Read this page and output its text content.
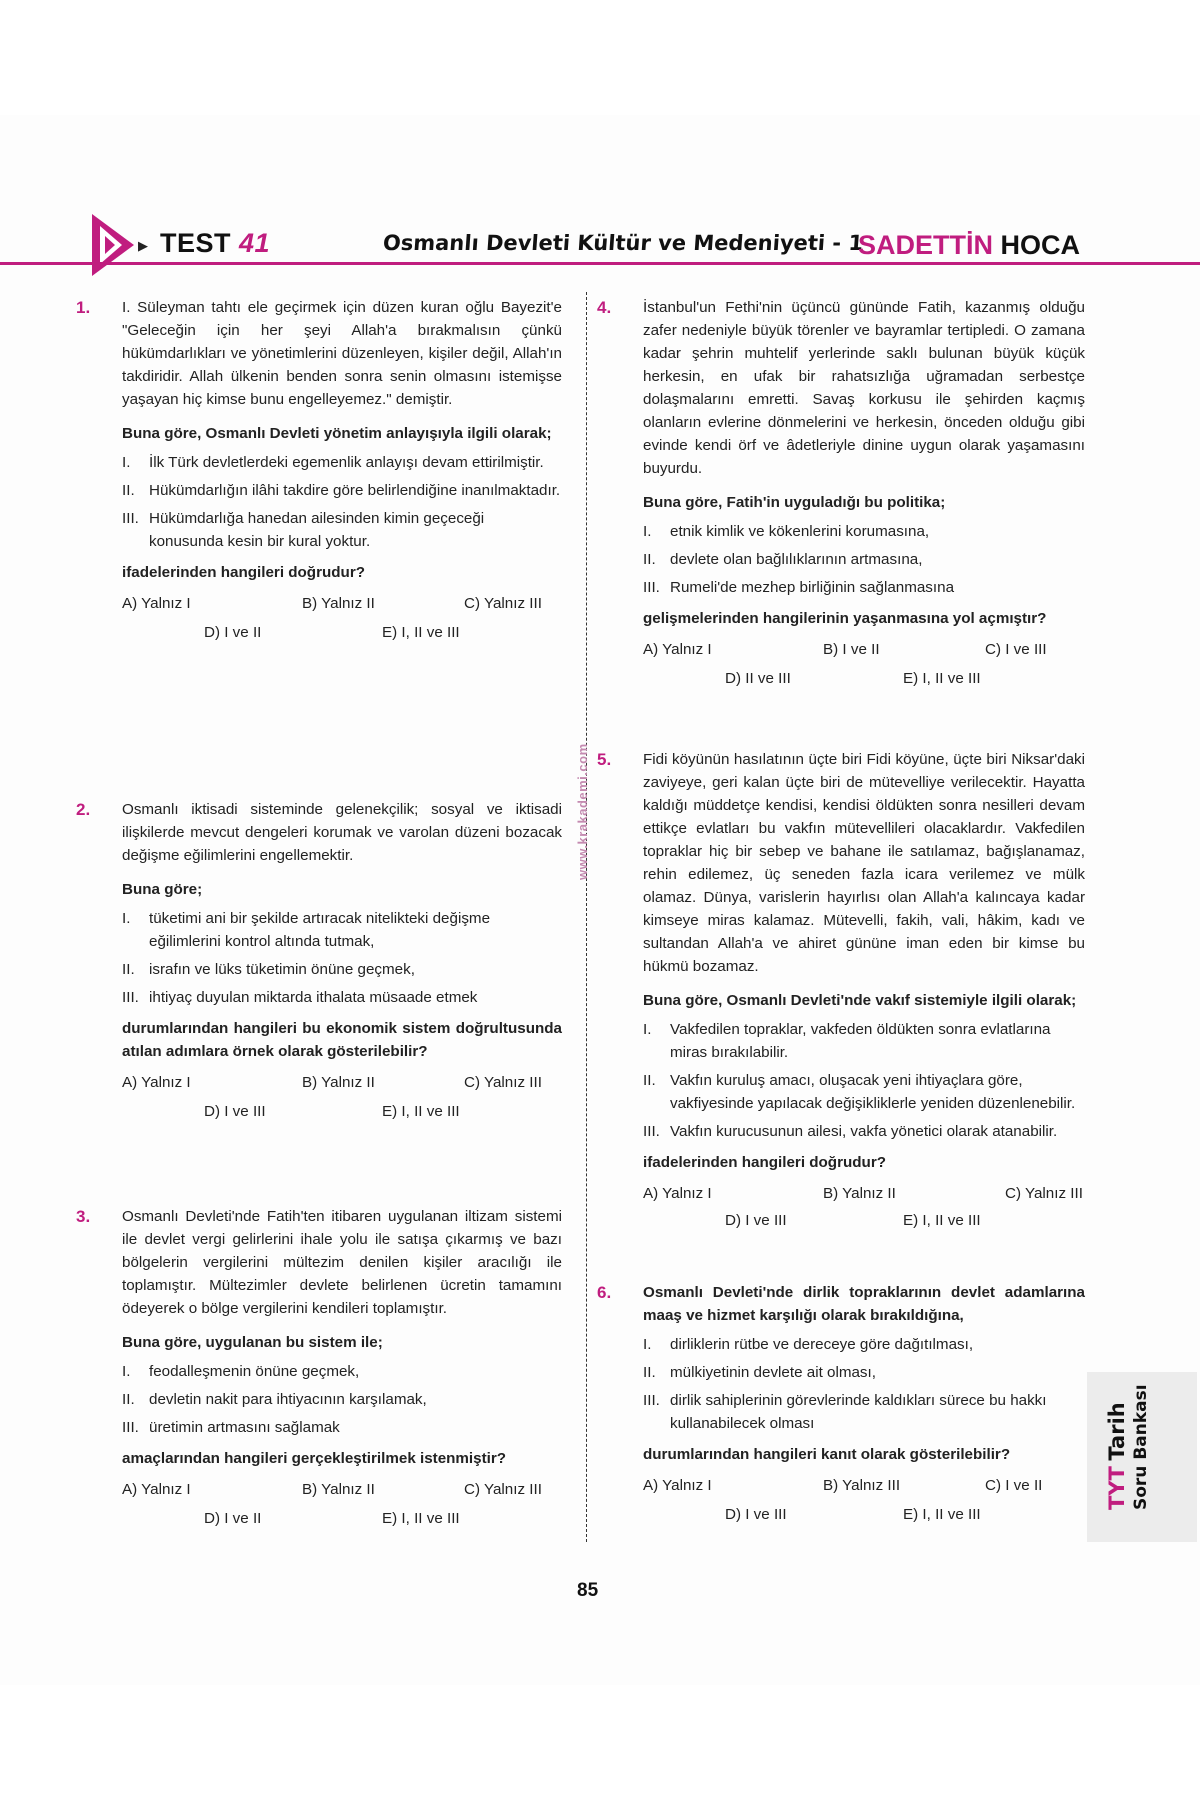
▶ TEST 41	Osmanlı Devleti Kültür ve Medeniyeti - 1
SADETTİN HOCA
www.krakademi.com
1. I. Süleyman tahtı ele geçirmek için düzen kuran oğlu Bayezit'e "Geleceğin için her şeyi Allah'a bırakmalısın çünkü hükümdarlıkları ve yönetimlerini düzenleyen, kişiler değil, Allah'ın takdiridir. Allah ülkenin benden sonra senin olmasını istemişse yaşayan hiç kimse bunu engelleyemez." demiştir.

Buna göre, Osmanlı Devleti yönetim anlayışıyla ilgili olarak;

I. İlk Türk devletlerdeki egemenlik anlayışı devam ettirilmiştir.
II. Hükümdarlığın ilâhi takdire göre belirlendiğine inanılmaktadır.
III. Hükümdarlığa hanedan ailesinden kimin geçeceği konusunda kesin bir kural yoktur.

ifadelerinden hangileri doğrudur?

A) Yalnız I	B) Yalnız II	C) Yalnız III
D) I ve II	E) I, II ve III
2. Osmanlı iktisadi sisteminde gelenekçilik; sosyal ve iktisadi ilişkilerde mevcut dengeleri korumak ve varolan düzeni bozacak değişme eğilimlerini engellemektir.

Buna göre;

I. tüketimi ani bir şekilde artıracak nitelikteki değişme eğilimlerini kontrol altında tutmak,
II. israfın ve lüks tüketimin önüne geçmek,
III. ihtiyaç duyulan miktarda ithalata müsaade etmek

durumlarından hangileri bu ekonomik sistem doğrultusunda atılan adımlara örnek olarak gösterilebilir?

A) Yalnız I	B) Yalnız II	C) Yalnız III
D) I ve III	E) I, II ve III
3. Osmanlı Devleti'nde Fatih'ten itibaren uygulanan iltizam sistemi ile devlet vergi gelirlerini ihale yolu ile satışa çıkarmış ve bazı bölgelerin vergilerini mültezim denilen kişiler aracılığı ile toplamıştır. Mültezimler devlete belirlenen ücretin tamamını ödeyerek o bölge vergilerini kendileri toplamıştır.

Buna göre, uygulanan bu sistem ile;

I. feodalleşmenin önüne geçmek,
II. devletin nakit para ihtiyacının karşılamak,
III. üretimin artmasını sağlamak

amaçlarından hangileri gerçekleştirilmek istenmiştir?

A) Yalnız I	B) Yalnız II	C) Yalnız III
D) I ve II	E) I, II ve III
4. İstanbul'un Fethi'nin üçüncü gününde Fatih, kazanmış olduğu zafer nedeniyle büyük törenler ve bayramlar tertipledi. O zamana kadar şehrin muhtelif yerlerinde saklı bulunan büyük küçük herkesin, en ufak bir rahatsızlığa uğramadan serbestçe dolaşmalarını emretti. Savaş korkusu ile şehirden kaçmış olanların evlerine dönmelerini ve herkesin, önceden olduğu gibi evinde kendi örf ve âdetleriyle dinine uygun olarak yaşamasını buyurdu.

Buna göre, Fatih'in uyguladığı bu politika;

I. etnik kimlik ve kökenlerini korumasına,
II. devlete olan bağlılıklarının artmasına,
III. Rumeli'de mezhep birliğinin sağlanmasına

gelişmelerinden hangilerinin yaşanmasına yol açmıştır?

A) Yalnız I	B) I ve II	C) I ve III
D) II ve III	E) I, II ve III
5. Fidi köyünün hasılatının üçte biri Fidi köyüne, üçte biri Niksar'daki zaviyeye, geri kalan üçte biri de mütevelliye verilecektir. Hayatta kaldığı müddetçe kendisi, kendisi öldükten sonra nesilleri devam ettikçe evlatları bu vakfın mütevellileri olacaklardır. Vakfedilen topraklar hiç bir sebep ve bahane ile satılamaz, bağışlanamaz, rehin edilemez, üç seneden fazla icara verilemez ve mülk olamaz. Dünya, varislerin hayırlısı olan Allah'a kalıncaya kadar kimseye miras kalamaz. Mütevelli, fakih, vali, hâkim, kadı ve sultandan Allah'a ve ahiret gününe iman eden bir kimse bu hükmü bozamaz.

Buna göre, Osmanlı Devleti'nde vakıf sistemiyle ilgili olarak;

I. Vakfedilen topraklar, vakfeden öldükten sonra evlatlarına miras bırakılabilir.
II. Vakfın kuruluş amacı, oluşacak yeni ihtiyaçlara göre, vakfiyesinde yapılacak değişikliklerle yeniden düzenlenebilir.
III. Vakfın kurucusunun ailesi, vakfa yönetici olarak atanabilir.

ifadelerinden hangileri doğrudur?

A) Yalnız I	B) Yalnız II	C) Yalnız III
D) I ve III	E) I, II ve III
6. Osmanlı Devleti'nde dirlik topraklarının devlet adamlarına maaş ve hizmet karşılığı olarak bırakıldığına,

I. dirliklerin rütbe ve dereceye göre dağıtılması,
II. mülkiyetinin devlete ait olması,
III. dirlik sahiplerinin görevlerinde kaldıkları sürece bu hakkı kullanabilecek olması

durumlarından hangileri kanıt olarak gösterilebilir?

A) Yalnız I	B) Yalnız III	C) I ve II
D) I ve III	E) I, II ve III
TYT Tarih Soru Bankası
85
